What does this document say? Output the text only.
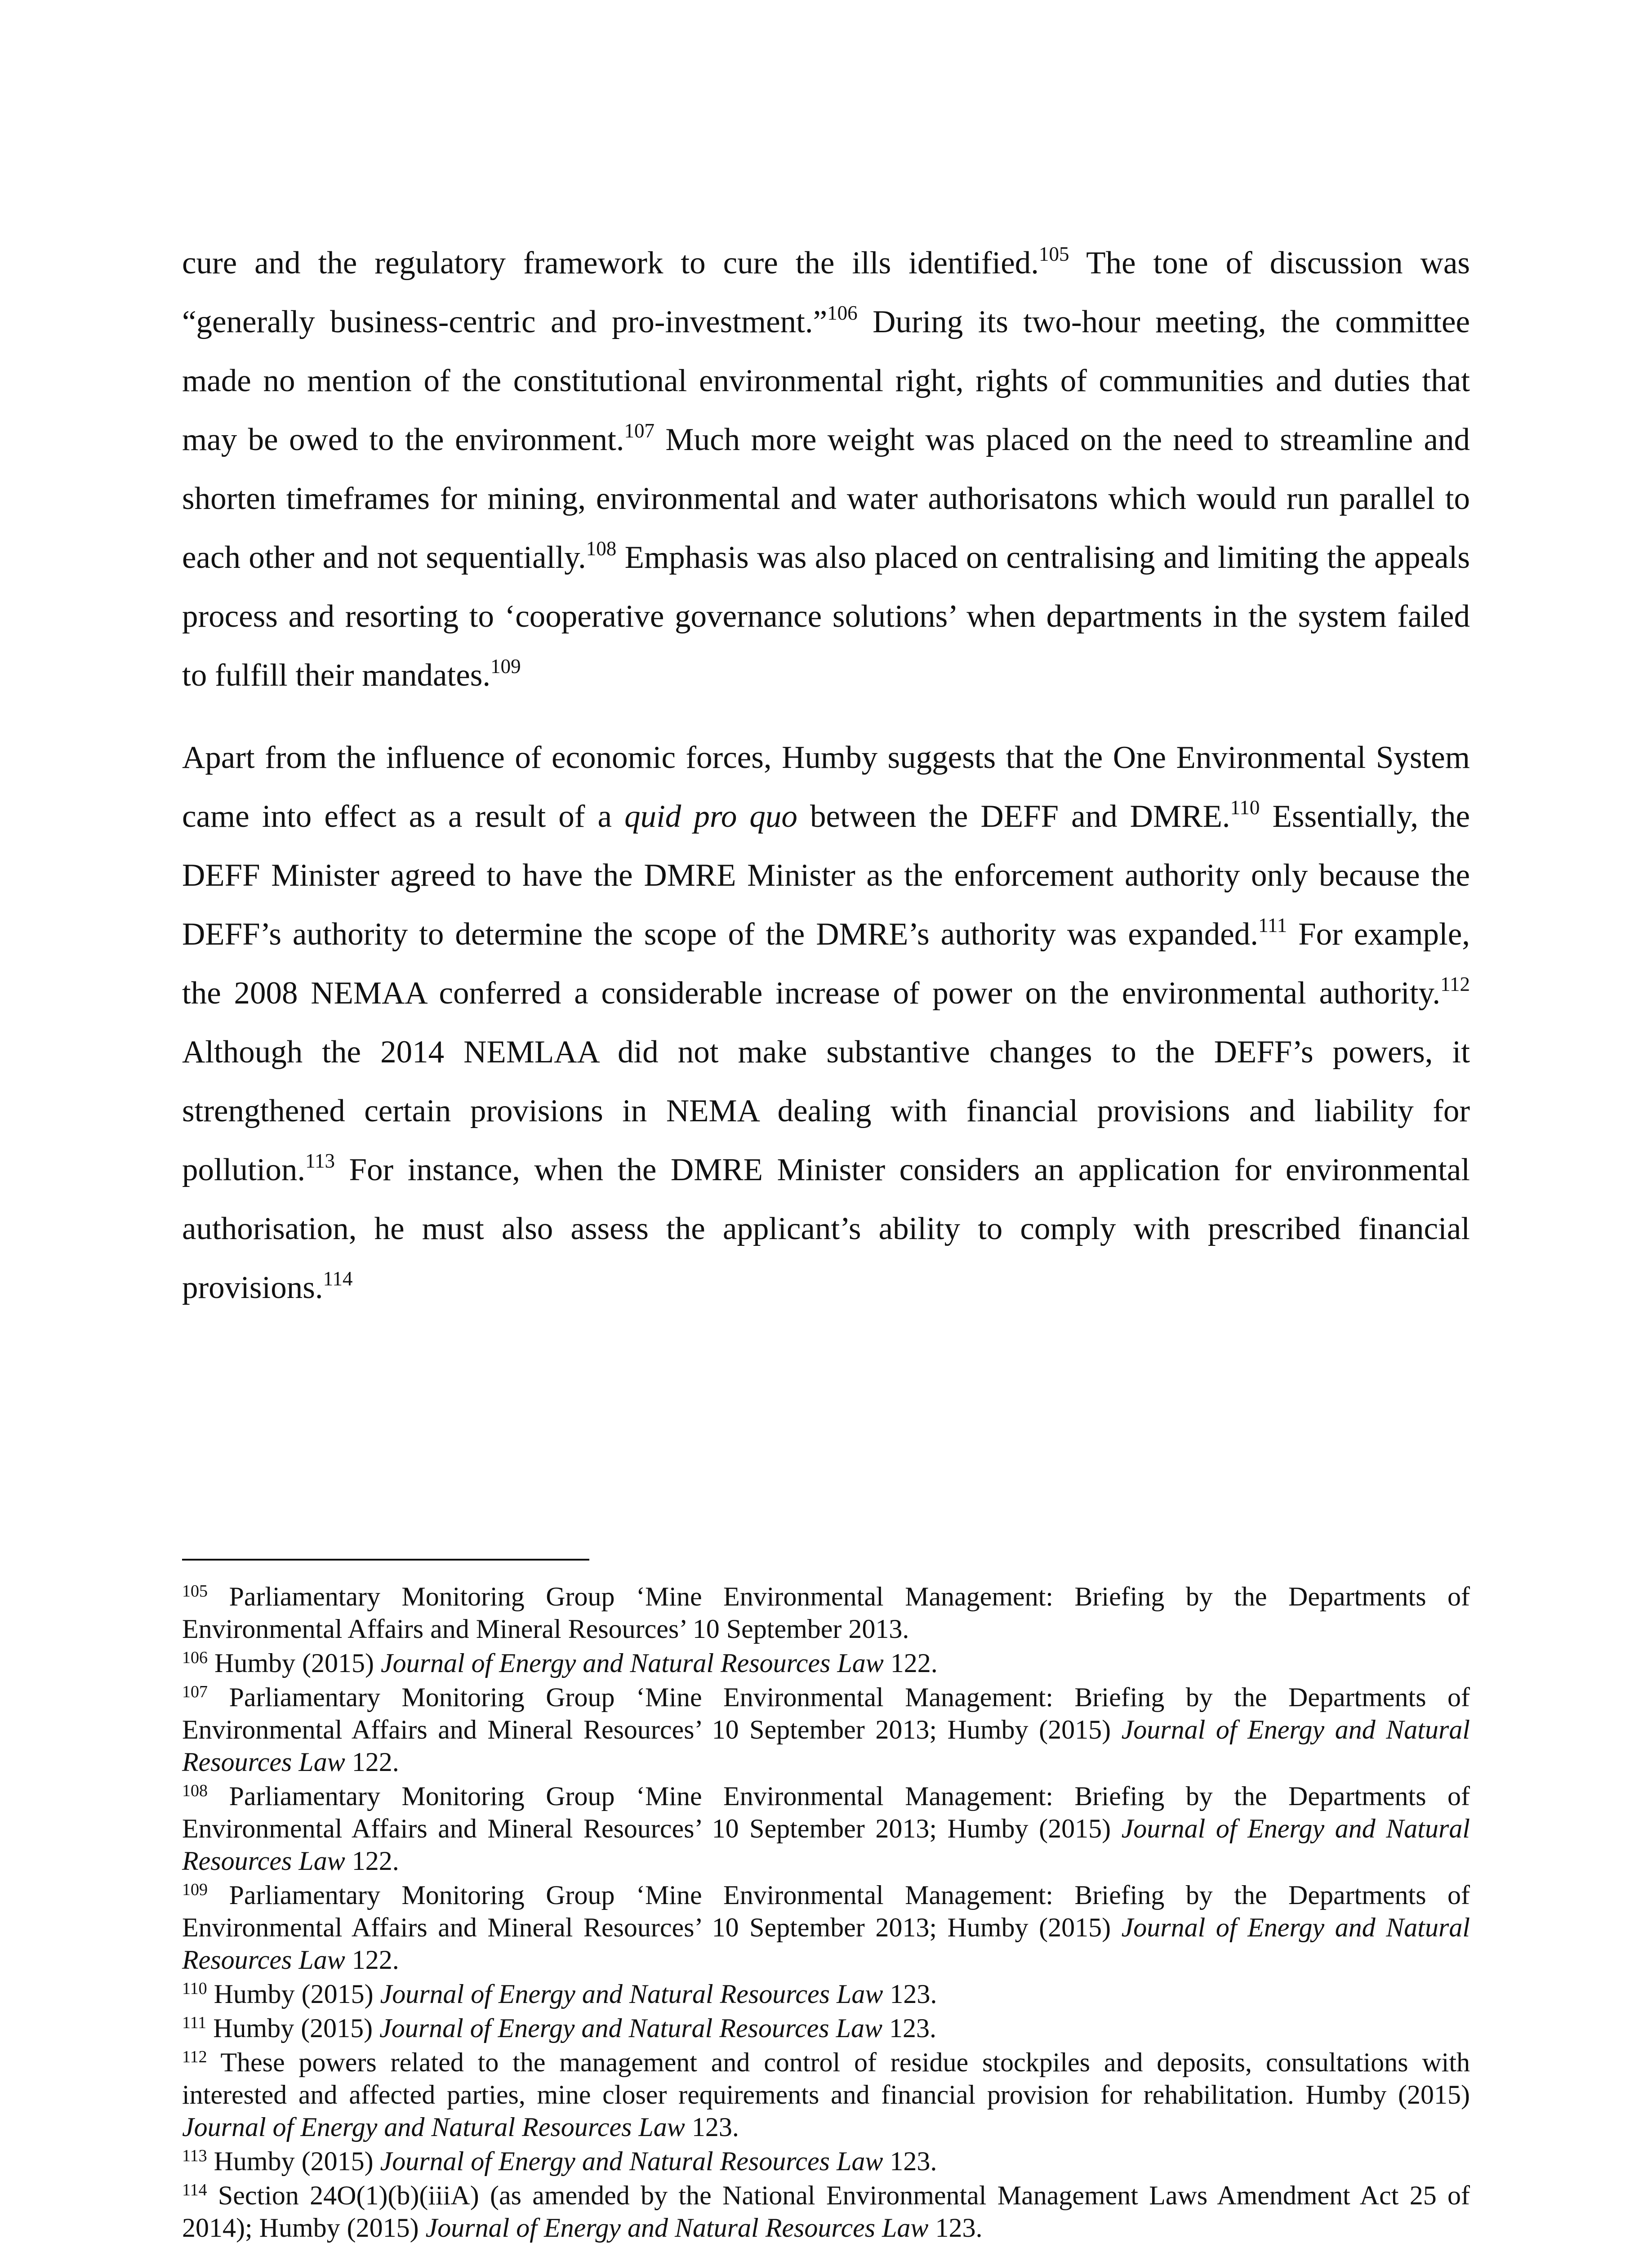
cure and the regulatory framework to cure the ills identified.$^{105}$ The tone of discussion was “generally business-centric and pro-investment.”$^{106}$ During its two-hour meeting, the committee made no mention of the constitutional environmental right, rights of communities and duties that may be owed to the environment.$^{107}$ Much more weight was placed on the need to streamline and shorten timeframes for mining, environmental and water authorisatons which would run parallel to each other and not sequentially.$^{108}$ Emphasis was also placed on centralising and limiting the appeals process and resorting to ‘cooperative governance solutions’ when departments in the system failed to fulfill their mandates.$^{109}$

Apart from the influence of economic forces, Humby suggests that the One Environmental System came into effect as a result of a quid pro quo between the DEFF and DMRE.$^{110}$ Essentially, the DEFF Minister agreed to have the DMRE Minister as the enforcement authority only because the DEFF’s authority to determine the scope of the DMRE’s authority was expanded.$^{111}$ For example, the 2008 NEMAA conferred a considerable increase of power on the environmental authority.$^{112}$ Although the 2014 NEMLAA did not make substantive changes to the DEFF’s powers, it strengthened certain provisions in NEMA dealing with financial provisions and liability for pollution.$^{113}$ For instance, when the DMRE Minister considers an application for environmental authorisation, he must also assess the applicant’s ability to comply with prescribed financial provisions.$^{114}$

$^{105}$ Parliamentary Monitoring Group ‘Mine Environmental Management: Briefing by the Departments of Environmental Affairs and Mineral Resources’ 10 September 2013.

$^{106}$ Humby (2015) Journal of Energy and Natural Resources Law 122.

$^{107}$ Parliamentary Monitoring Group ‘Mine Environmental Management: Briefing by the Departments of Environmental Affairs and Mineral Resources’ 10 September 2013; Humby (2015) Journal of Energy and Natural Resources Law 122.

$^{108}$ Parliamentary Monitoring Group ‘Mine Environmental Management: Briefing by the Departments of Environmental Affairs and Mineral Resources’ 10 September 2013; Humby (2015) Journal of Energy and Natural Resources Law 122.

$^{109}$ Parliamentary Monitoring Group ‘Mine Environmental Management: Briefing by the Departments of Environmental Affairs and Mineral Resources’ 10 September 2013; Humby (2015) Journal of Energy and Natural Resources Law 122.

$^{110}$ Humby (2015) Journal of Energy and Natural Resources Law 123.

$^{111}$ Humby (2015) Journal of Energy and Natural Resources Law 123.

$^{112}$ These powers related to the management and control of residue stockpiles and deposits, consultations with interested and affected parties, mine closer requirements and financial provision for rehabilitation. Humby (2015) Journal of Energy and Natural Resources Law 123.

$^{113}$ Humby (2015) Journal of Energy and Natural Resources Law 123.

$^{114}$ Section 24O(1)(b)(iiiA) (as amended by the National Environmental Management Laws Amendment Act 25 of 2014); Humby (2015) Journal of Energy and Natural Resources Law 123.
